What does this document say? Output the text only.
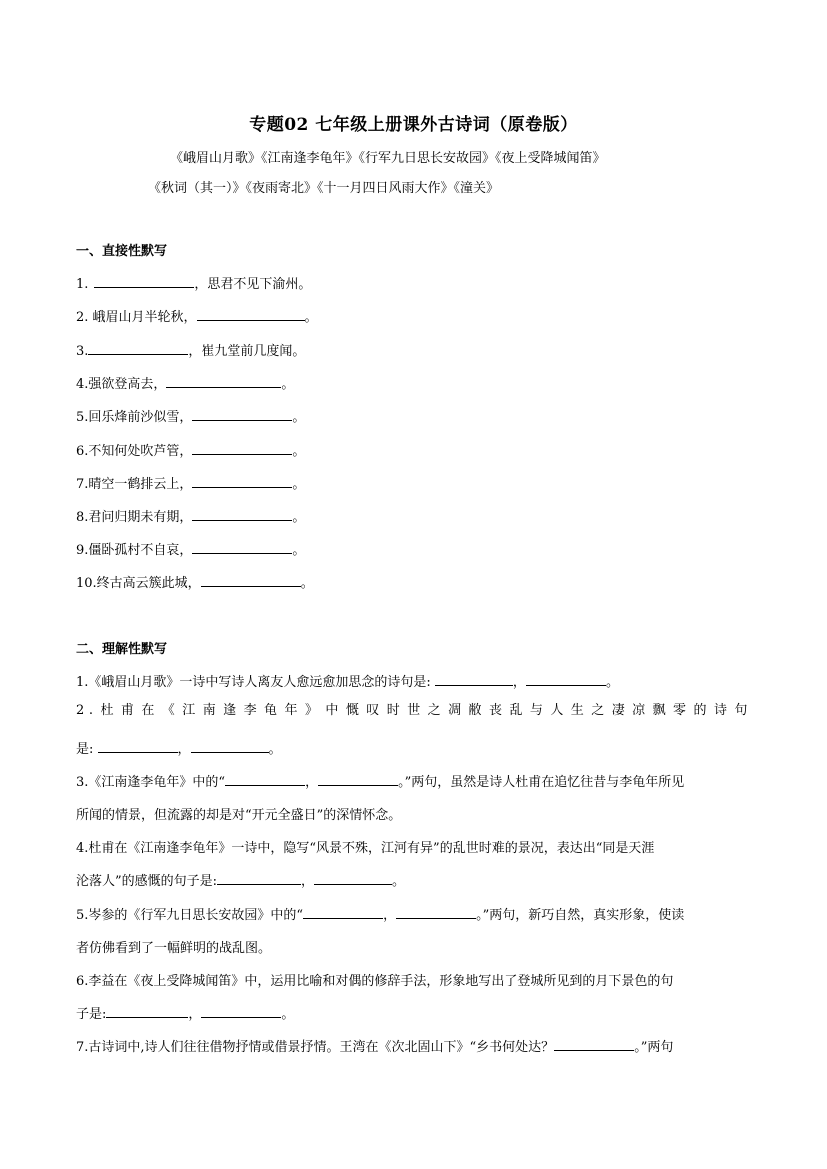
专题02 七年级上册课外古诗词（原卷版）
《峨眉山月歌》《江南逢李龟年》《行军九日思长安故园》《夜上受降城闻笛》
《秋词（其一）》《夜雨寄北》《十一月四日风雨大作》《潼关》
一、直接性默写
1.	，思君不见下渝州。
2. 峨眉山月半轮秋，	。
3.	，崔九堂前几度闻。
4.强欲登高去，	。
5.回乐烽前沙似雪，	。
6.不知何处吹芦管，	。
7.晴空一鹤排云上，	。
8.君问归期未有期，	。
9.僵卧孤村不自哀，	。
10.终古高云簇此城，	。
二、理解性默写
1.《峨眉山月歌》一诗中写诗人离友人愈远愈加思念的诗句是:	，	。
2.杜甫在《江南逢李龟年》中慨叹时世之凋敝丧乱与人生之凄凉飘零的诗句
是:	，	。
3.《江南逢李龟年》中的“	，	。”两句，虽然是诗人杜甫在追忆往昔与李龟年所见
所闻的情景，但流露的却是对“开元全盛日”的深情怀念。
4.杜甫在《江南逢李龟年》一诗中，隐写“风景不殊，江河有异”的乱世时难的景况，表达出“同是天涯
沦落人”的感慨的句子是:	，	。
5.岑参的《行军九日思长安故园》中的“	，	。”两句，新巧自然，真实形象，使读
者仿佛看到了一幅鲜明的战乱图。
6.李益在《夜上受降城闻笛》中，运用比喻和对偶的修辞手法，形象地写出了登城所见到的月下景色的句
子是:	，	。
7.古诗词中,诗人们往往借物抒情或借景抒情。王湾在《次北固山下》“乡书何处达？	。”两句
